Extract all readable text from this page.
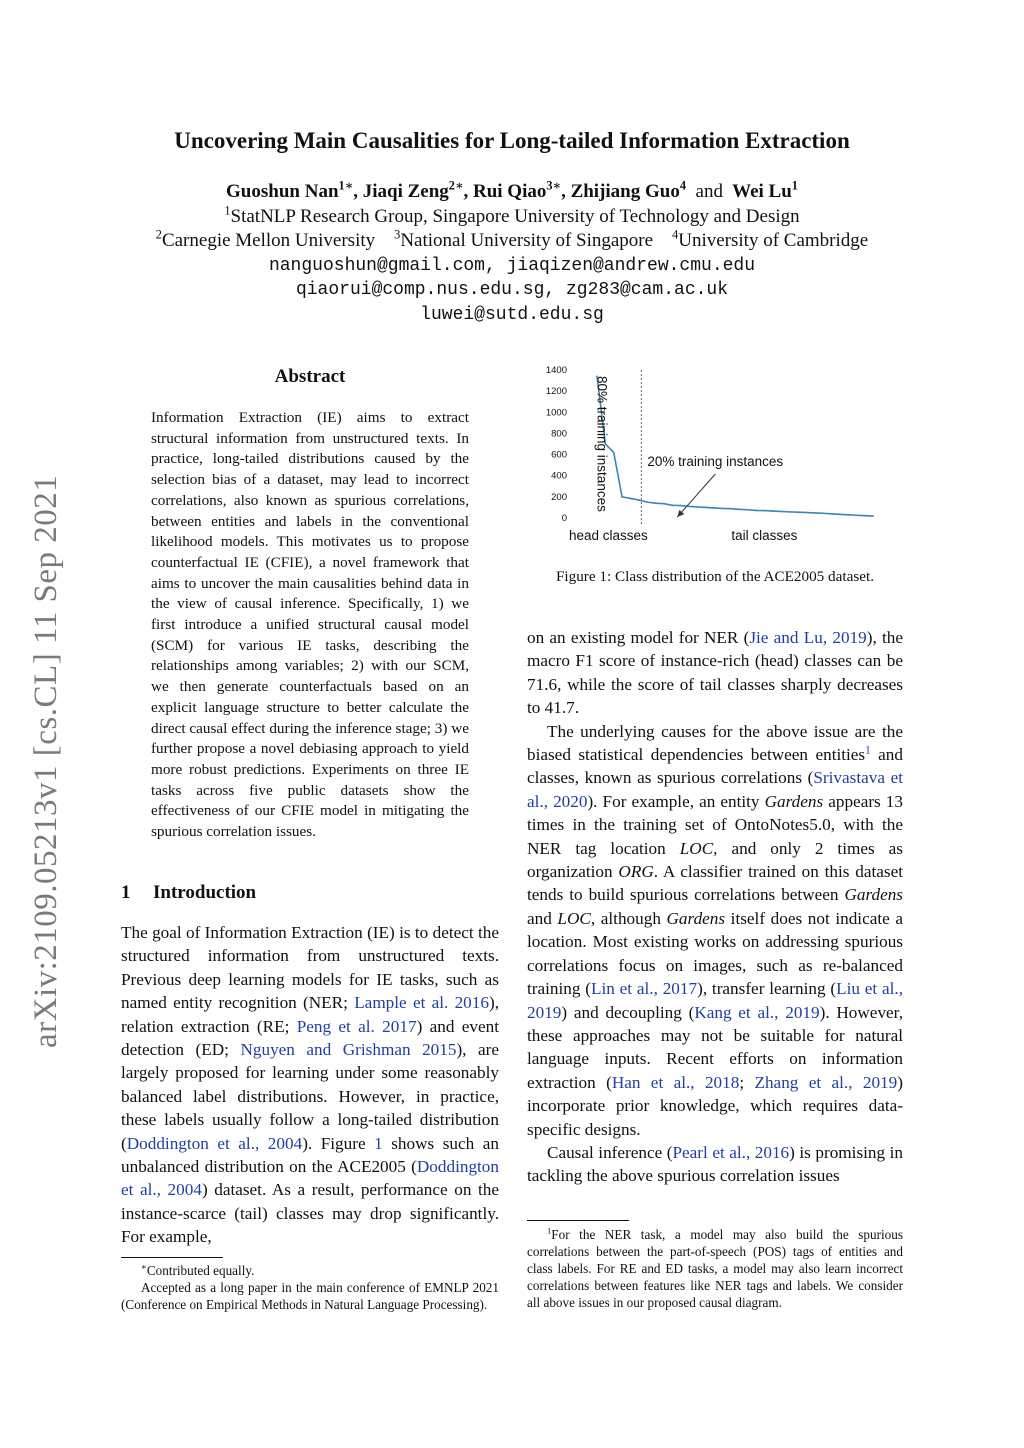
arXiv:2109.05213v1 [cs.CL] 11 Sep 2021
Uncovering Main Causalities for Long-tailed Information Extraction
Guoshun Nan$^{1∗}$, Jiaqi Zeng$^{2∗}$, Rui Qiao$^{3∗}$, Zhijiang Guo$^4$ and Wei Lu$^1$
$^1$StatNLP Research Group, Singapore University of Technology and Design
$^2$Carnegie Mellon University $^3$National University of Singapore $^4$University of Cambridge
nanguoshun@gmail.com, jiaqizen@andrew.cmu.edu
qiaorui@comp.nus.edu.sg, zg283@cam.ac.uk
luwei@sutd.edu.sg
Abstract
Information Extraction (IE) aims to extract structural information from unstructured texts. In practice, long-tailed distributions caused by the selection bias of a dataset, may lead to incorrect correlations, also known as spurious correlations, between entities and labels in the conventional likelihood models. This motivates us to propose counterfactual IE (CFIE), a novel framework that aims to uncover the main causalities behind data in the view of causal inference. Specifically, 1) we first introduce a unified structural causal model (SCM) for various IE tasks, describing the relationships among variables; 2) with our SCM, we then generate counterfactuals based on an explicit language structure to better calculate the direct causal effect during the inference stage; 3) we further propose a novel debiasing approach to yield more robust predictions. Experiments on three IE tasks across five public datasets show the effectiveness of our CFIE model in mitigating the spurious correlation issues.
1 Introduction

The goal of Information Extraction (IE) is to detect the structured information from unstructured texts. Previous deep learning models for IE tasks, such as named entity recognition (NER; Lample et al. 2016), relation extraction (RE; Peng et al. 2017) and event detection (ED; Nguyen and Grishman 2015), are largely proposed for learning under some reasonably balanced label distributions. However, in practice, these labels usually follow a long-tailed distribution (Doddington et al., 2004). Figure 1 shows such an unbalanced distribution on the ACE2005 (Doddington et al., 2004) dataset. As a result, performance on the instance-scarce (tail) classes may drop significantly. For example,

∗Contributed equally.

Accepted as a long paper in the main conference of EMNLP 2021 (Conference on Empirical Methods in Natural Language Processing).

0
200
400
600
800
1000
1200
1400
80% training instances	20% training instances
head classes	tail classes
Figure 1: Class distribution of the ACE2005 dataset.

on an existing model for NER (Jie and Lu, 2019), the macro F1 score of instance-rich (head) classes can be 71.6, while the score of tail classes sharply decreases to 41.7.

The underlying causes for the above issue are the biased statistical dependencies between entities$^1$ and classes, known as spurious correlations (Srivastava et al., 2020). For example, an entity Gardens appears 13 times in the training set of OntoNotes5.0, with the NER tag location LOC, and only 2 times as organization ORG. A classifier trained on this dataset tends to build spurious correlations between Gardens and LOC, although Gardens itself does not indicate a location. Most existing works on addressing spurious correlations focus on images, such as re-balanced training (Lin et al., 2017), transfer learning (Liu et al., 2019) and decoupling (Kang et al., 2019). However, these approaches may not be suitable for natural language inputs. Recent efforts on information extraction (Han et al., 2018; Zhang et al., 2019) incorporate prior knowledge, which requires data-specific designs.

Causal inference (Pearl et al., 2016) is promising in tackling the above spurious correlation issues

$^1$For the NER task, a model may also build the spurious correlations between the part-of-speech (POS) tags of entities and class labels. For RE and ED tasks, a model may also learn incorrect correlations between features like NER tags and labels. We consider all above issues in our proposed causal diagram.
